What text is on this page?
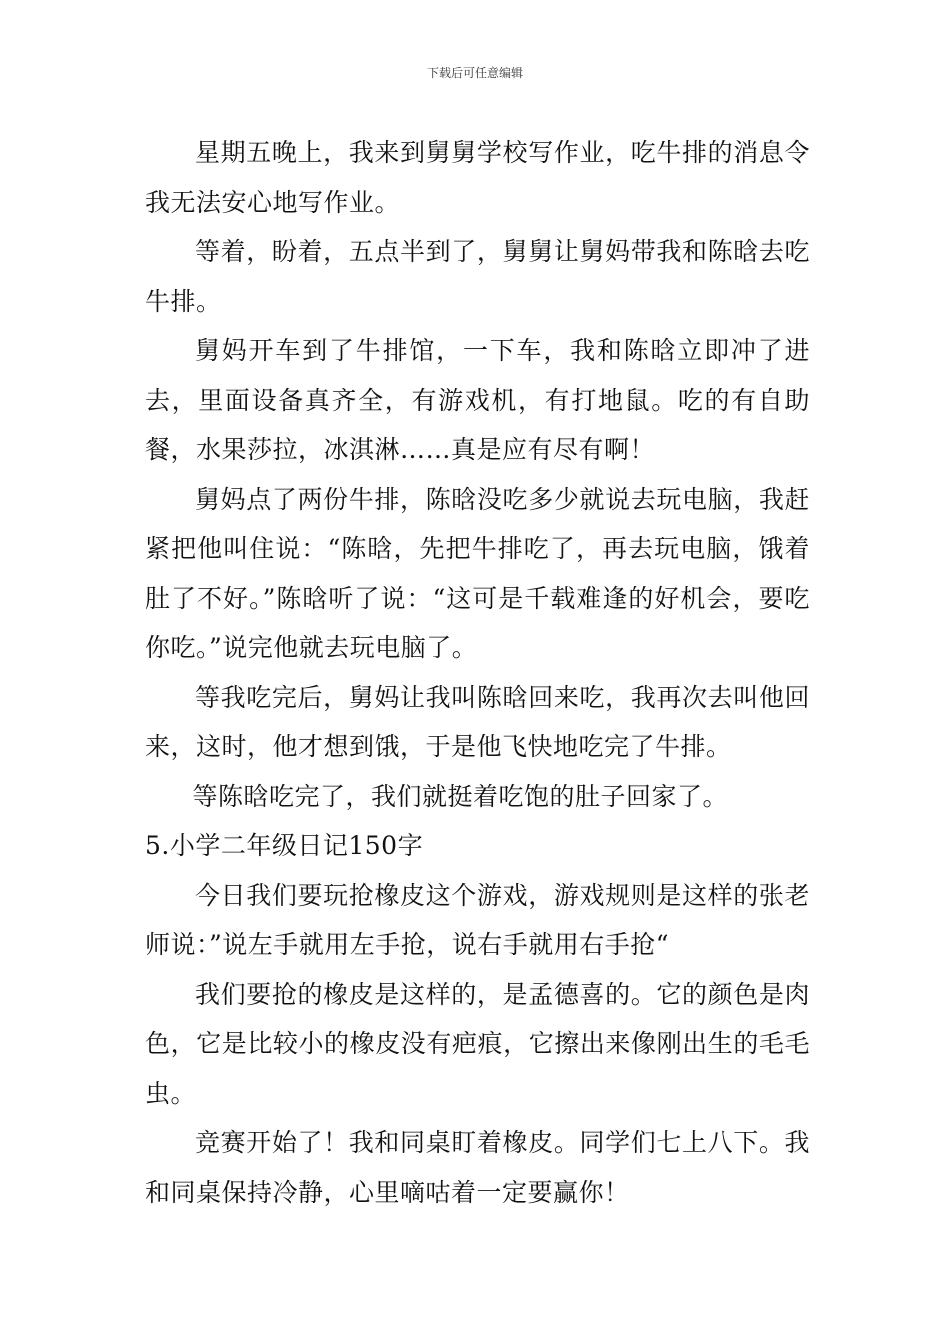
下载后可任意编辑

星期五晚上，我来到舅舅学校写作业，吃牛排的消息令我无法安心地写作业。

等着，盼着，五点半到了，舅舅让舅妈带我和陈晗去吃牛排。

舅妈开车到了牛排馆，一下车，我和陈晗立即冲了进去，里面设备真齐全，有游戏机，有打地鼠。吃的有自助餐，水果莎拉，冰淇淋……真是应有尽有啊！

舅妈点了两份牛排，陈晗没吃多少就说去玩电脑，我赶紧把他叫住说：“陈晗，先把牛排吃了，再去玩电脑，饿着肚了不好。”陈晗听了说：“这可是千载难逢的好机会，要吃你吃。”说完他就去玩电脑了。

等我吃完后，舅妈让我叫陈晗回来吃，我再次去叫他回来，这时，他才想到饿，于是他飞快地吃完了牛排。

等陈晗吃完了，我们就挺着吃饱的肚子回家了。

5.小学二年级日记150字

今日我们要玩抢橡皮这个游戏，游戏规则是这样的张老师说：”说左手就用左手抢，说右手就用右手抢“

我们要抢的橡皮是这样的，是孟德喜的。它的颜色是肉 色，它是比较小的橡皮没有疤痕，它擦出来像刚出生的毛毛虫。

竞赛开始了！我和同桌盯着橡皮。同学们七上八下。我和同桌保持冷静，心里嘀咕着一定要赢你！
